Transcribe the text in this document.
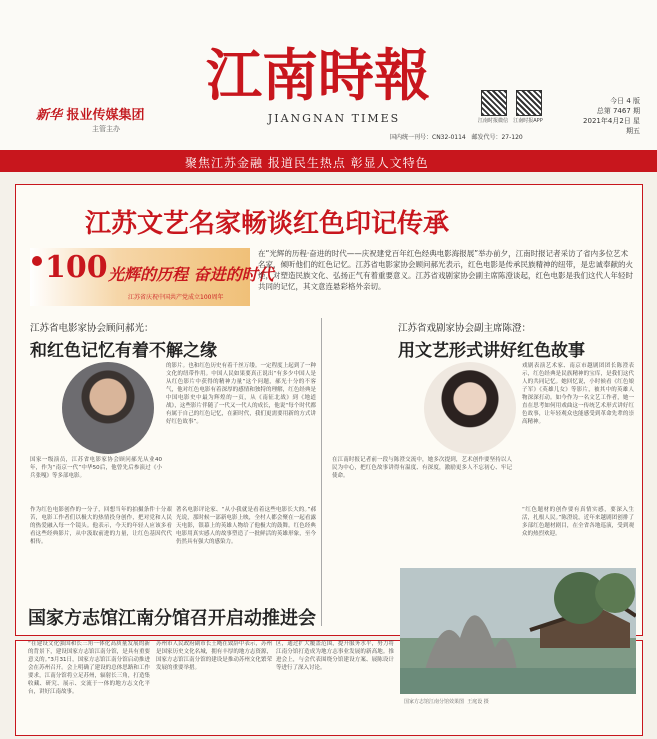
新华 报业传媒集团
主管主办
江南時報
JIANGNAN TIMES	江南时报微信 江南时报APP
今日 4 版
总第 7467 期
2021年4月2日 星期五
国内统一刊号：CN32-0114 邮发代号：27-120
聚焦江苏金融 报道民生热点 彰显人文特色
江苏文艺名家畅谈红色印记传承
100 光辉的历程 奋进的时代
江苏省庆祝中国共产党成立100周年
在“光辉的历程·奋进的时代——庆祝建党百年红色经典电影海报展”举办前夕，江南时报记者采访了省内多位艺术名家，倾听他们的红色记忆。江苏省电影家协会顾问郝光表示，红色电影是传承民族精神的纽带，是忠诚奉献的火炬，对塑造民族文化、弘扬正气有着重要意义。江苏省戏剧家协会副主席陈澄谈起，红色电影是我们这代人年轻时共同的记忆，其文意连悬彩格外亲切。
江苏省电影家协会顾问郝光：
和红色记忆有着不解之缘
的影片。也和红色历史有着千丝万缕。一定程度上起到了一种文化的纽带作用。中国人民如果要真正说出“有多少中国人是从红色影片中获得的精神力量”这个问题，郝光十分的不客气，他对红色电影有着深厚的感情和独特的理解，红色经典是中国电影史中最为辉煌的一页，从《南征北战》到《地道战》，这些影片伴随了一代又一代人的成长，他说“每个时代都有属于自己的红色记忆，在新时代，我们更需要用新的方式讲好红色故事”。
国家一级演员，江苏省电影家协会顾问郝光从业40年，作为“南京一代”中华50后，他曾先后参演过《小兵张嘎》等多部电影。
作为红色电影创作的一分子，回想当年的拍摄条件十分艰苦，电影工作者们以极大的热情投身创作，把对党和人民的热爱融入每一个镜头。他表示，今天的年轻人应该多看看这些经典影片，从中汲取前进的力量，让红色基因代代相传。
著名电影评论家、“从小我就是看着这些电影长大的。”郝光说，那时候一部新电影上映，全村人都会聚在一起看露天电影，银幕上的英雄人物给了他极大的鼓舞。红色经典电影用真实感人的故事塑造了一批鲜活的英雄形象，至今仍然具有强大的感染力。
江苏省戏剧家协会副主席陈澄：
用文艺形式讲好红色故事
戏剧表演艺术家、南京市越剧团团长陈澄表示，红色经典是民族精神的宝库，是我们这代人的共同记忆。她回忆说，小时候看《红色娘子军》《英雄儿女》等影片，被其中的英雄人物深深打动。如今作为一名文艺工作者，她一直在思考如何用戏曲这一传统艺术形式讲好红色故事，让年轻观众也能感受到革命先辈的崇高精神。
在江南时报记者前一段与陈澄交流中，她多次提到，艺术创作要坚持以人民为中心，把红色故事讲得有温度、有深度，激励更多人不忘初心、牢记使命。
“红色题材的创作要有真情实感，要深入生活，扎根人民。”陈澄说，近年来越剧团创排了多部红色题材剧目，在全省各地巡演，受到观众的热烈欢迎。
国家方志馆江南分馆召开启动推进会
“在建设文化强国和长三角一体化高质量发展的新的背景下，建设国家方志馆江南分馆，是具有重要意义的。”3月31日，国家方志馆江南分馆启动推进会在苏州召开。会上明确了建设的总体思路和工作要求，江南分馆将立足苏州，辐射长三角，打造集收藏、研究、展示、交流于一体的地方志文化平台，讲好江南故事。
苏州市人民政府副市长王飏在致辞中表示，苏州是国家历史文化名城，拥有丰厚的地方志资源，国家方志馆江南分馆的建设是推动苏州文化繁荣发展的重要举措。
区，通过扩大覆盖范围，提升服务水平，努力将江南分馆打造成为地方志事业发展的新高地。推进会上，与会代表围绕分馆建设方案、展陈设计等进行了深入讨论。
国家方志馆江南分馆效果图 王庭设 摄
